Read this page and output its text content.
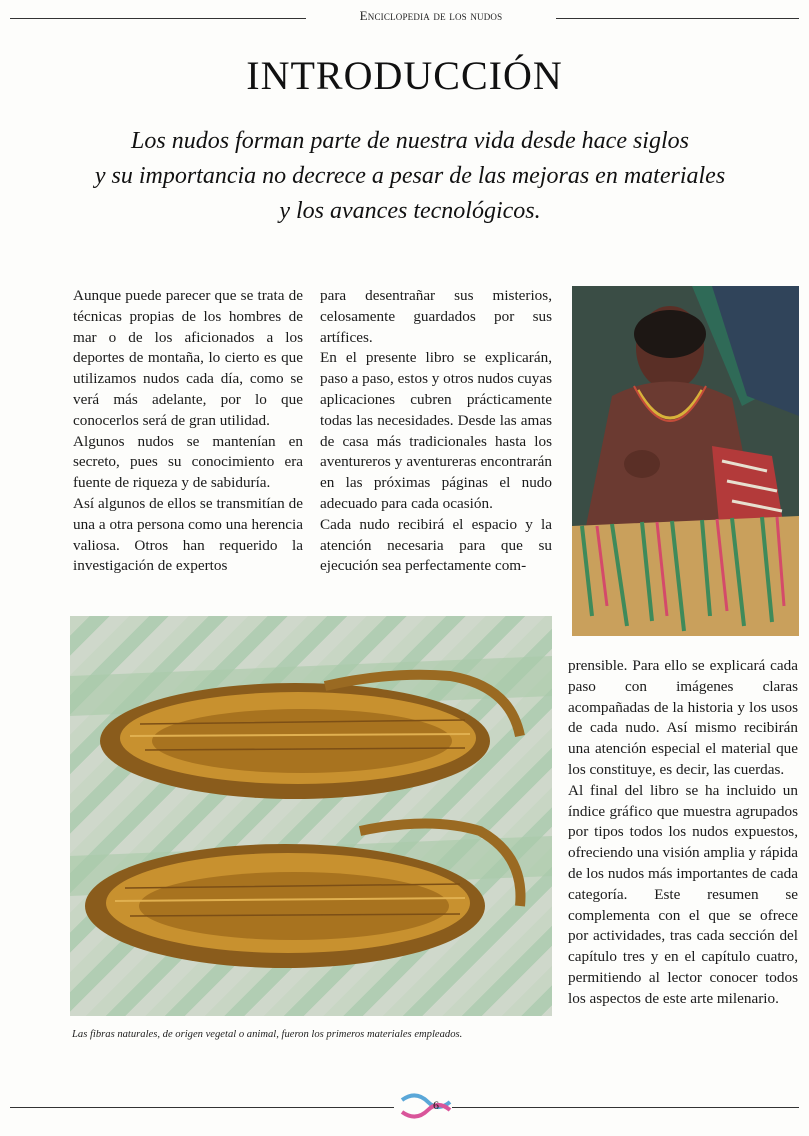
Enciclopedia de los nudos
INTRODUCCIÓN
Los nudos forman parte de nuestra vida desde hace siglos
y su importancia no decrece a pesar de las mejoras en materiales
y los avances tecnológicos.

Aunque puede parecer que se trata de técnicas propias de los hombres de mar o de los aficionados a los deportes de montaña, lo cierto es que utilizamos nudos cada día, como se verá más adelante, por lo que conocerlos será de gran utilidad.

Algunos nudos se mantenían en secreto, pues su conocimiento era fuente de riqueza y de sabiduría.

Así algunos de ellos se transmitían de una a otra persona como una herencia valiosa. Otros han requerido la investigación de expertos

para desentrañar sus misterios, celosamente guardados por sus artífices.

En el presente libro se explicarán, paso a paso, estos y otros nudos cuyas aplicaciones cubren prácticamente todas las necesidades. Desde las amas de casa más tradicionales hasta los aventureros y aventureras encontrarán en las próximas páginas el nudo adecuado para cada ocasión.

Cada nudo recibirá el espacio y la atención necesaria para que su ejecución sea perfectamente com-

prensible. Para ello se explicará cada paso con imágenes claras acompañadas de la historia y los usos de cada nudo. Así mismo recibirán una atención especial el material que los constituye, es decir, las cuerdas.

Al final del libro se ha incluido un índice gráfico que muestra agrupados por tipos todos los nudos expuestos, ofreciendo una visión amplia y rápida de los nudos más importantes de cada categoría. Este resumen se complementa con el que se ofrece por actividades, tras cada sección del capítulo tres y en el capítulo cuatro, permitiendo al lector conocer todos los aspectos de este arte milenario.

Las fibras naturales, de origen vegetal o animal, fueron los primeros materiales empleados.
6
